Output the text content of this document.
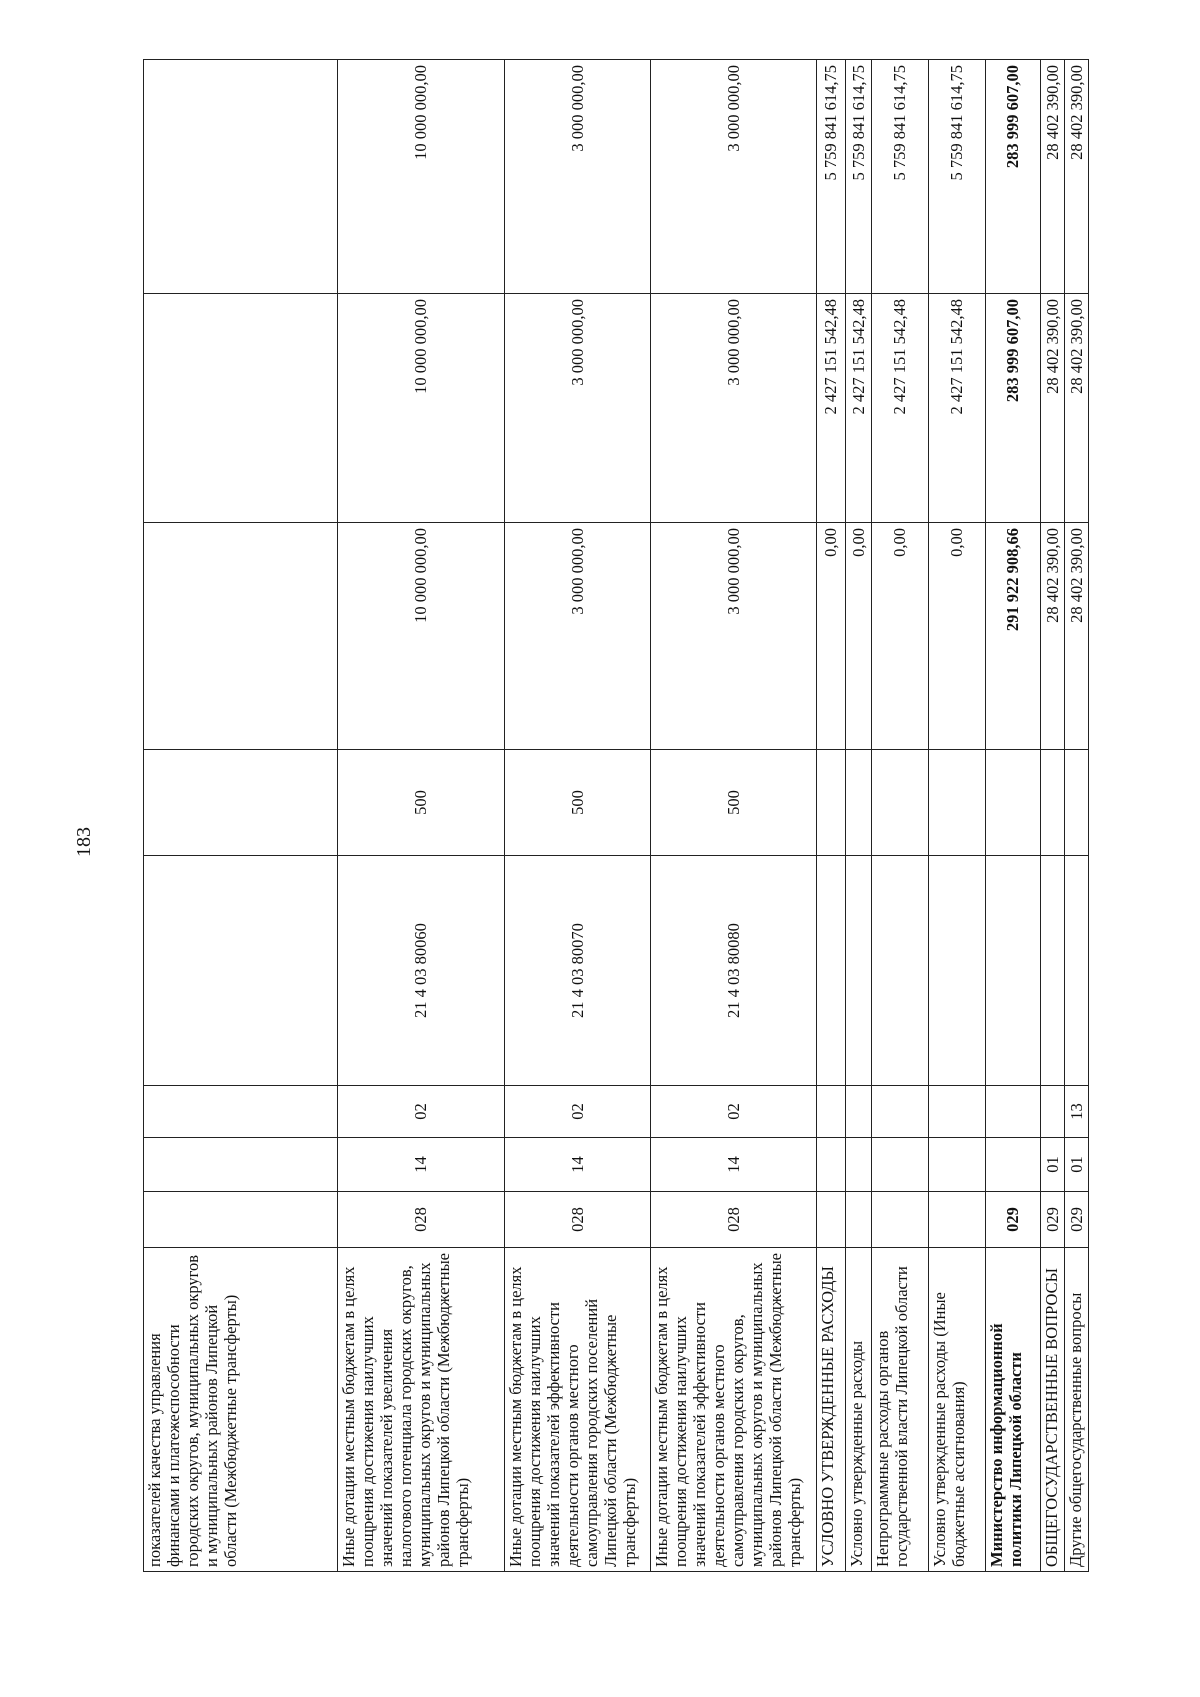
183
показателей качества управления финансами и платежеспособности городских округов, муниципальных округов и муниципальных районов Липецкой области (Межбюджетные трансферты)								
Иные дотации местным бюджетам в целях поощрения достижения наилучших значений показателей увеличения налогового потенциала городских округов, муниципальных округов и муниципальных районов Липецкой области (Межбюджетные трансферты)	028	14	02	21 4 03 80060	500	10 000 000,00	10 000 000,00	10 000 000,00
Иные дотации местным бюджетам в целях поощрения достижения наилучших значений показателей эффективности деятельности органов местного самоуправления городских поселений Липецкой области (Межбюджетные трансферты)	028	14	02	21 4 03 80070	500	3 000 000,00	3 000 000,00	3 000 000,00
Иные дотации местным бюджетам в целях поощрения достижения наилучших значений показателей эффективности деятельности органов местного самоуправления городских округов, муниципальных округов и муниципальных районов Липецкой области (Межбюджетные трансферты)	028	14	02	21 4 03 80080	500	3 000 000,00	3 000 000,00	3 000 000,00
УСЛОВНО УТВЕРЖДЕННЫЕ РАСХОДЫ						0,00	2 427 151 542,48	5 759 841 614,75
Условно утвержденные расходы						0,00	2 427 151 542,48	5 759 841 614,75
Непрограммные расходы органов государственной власти Липецкой области						0,00	2 427 151 542,48	5 759 841 614,75
Условно утвержденные расходы (Иные бюджетные ассигнования)						0,00	2 427 151 542,48	5 759 841 614,75
Министерство информационной политики Липецкой области	029					291 922 908,66	283 999 607,00	283 999 607,00
ОБЩЕГОСУДАРСТВЕННЫЕ ВОПРОСЫ	029	01				28 402 390,00	28 402 390,00	28 402 390,00
Другие общегосударственные вопросы	029	01	13			28 402 390,00	28 402 390,00	28 402 390,00
